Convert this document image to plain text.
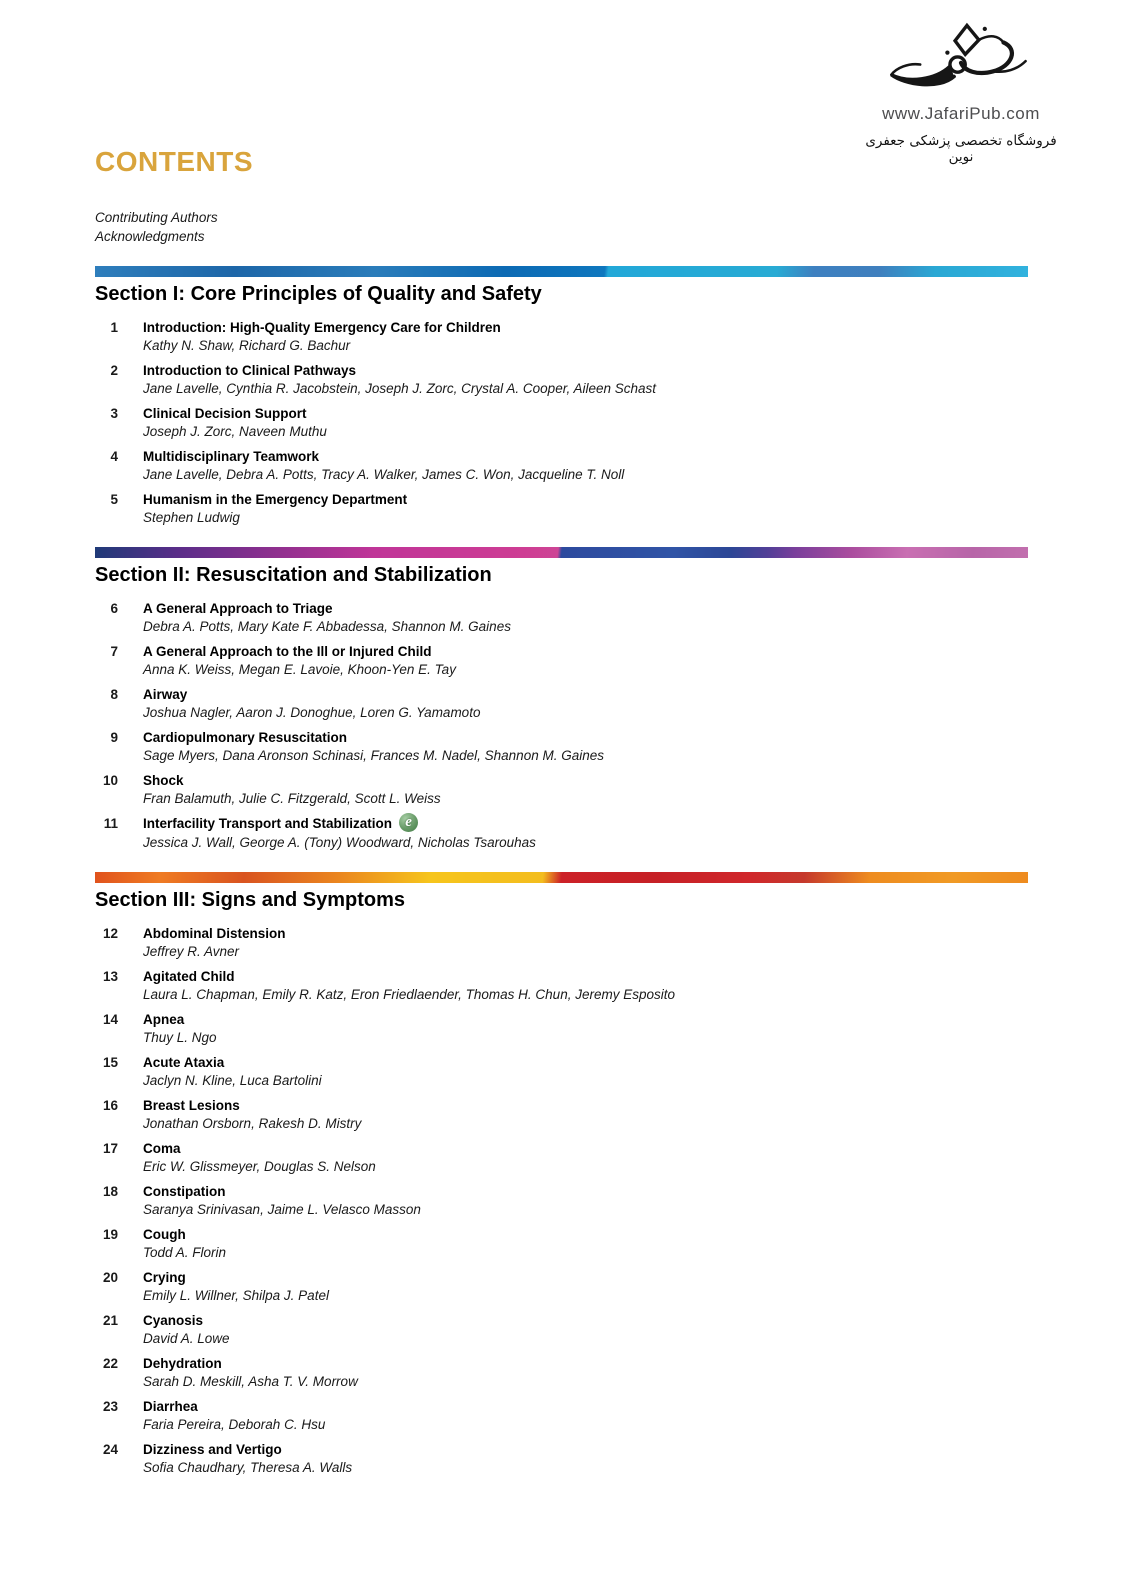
www.JafariPub.com
فروشگاه تخصصی پزشکی جعفری نوین
CONTENTS
Contributing Authors
Acknowledgments
Section I: Core Principles of Quality and Safety
1 Introduction: High-Quality Emergency Care for Children
Kathy N. Shaw, Richard G. Bachur
2 Introduction to Clinical Pathways
Jane Lavelle, Cynthia R. Jacobstein, Joseph J. Zorc, Crystal A. Cooper, Aileen Schast
3 Clinical Decision Support
Joseph J. Zorc, Naveen Muthu
4 Multidisciplinary Teamwork
Jane Lavelle, Debra A. Potts, Tracy A. Walker, James C. Won, Jacqueline T. Noll
5 Humanism in the Emergency Department
Stephen Ludwig
Section II: Resuscitation and Stabilization
6 A General Approach to Triage
Debra A. Potts, Mary Kate F. Abbadessa, Shannon M. Gaines
7 A General Approach to the Ill or Injured Child
Anna K. Weiss, Megan E. Lavoie, Khoon-Yen E. Tay
8 Airway
Joshua Nagler, Aaron J. Donoghue, Loren G. Yamamoto
9 Cardiopulmonary Resuscitation
Sage Myers, Dana Aronson Schinasi, Frances M. Nadel, Shannon M. Gaines
10 Shock
Fran Balamuth, Julie C. Fitzgerald, Scott L. Weiss
11 Interfacility Transport and Stabilization e
Jessica J. Wall, George A. (Tony) Woodward, Nicholas Tsarouhas
Section III: Signs and Symptoms
12 Abdominal Distension
Jeffrey R. Avner
13 Agitated Child
Laura L. Chapman, Emily R. Katz, Eron Friedlaender, Thomas H. Chun, Jeremy Esposito
14 Apnea
Thuy L. Ngo
15 Acute Ataxia
Jaclyn N. Kline, Luca Bartolini
16 Breast Lesions
Jonathan Orsborn, Rakesh D. Mistry
17 Coma
Eric W. Glissmeyer, Douglas S. Nelson
18 Constipation
Saranya Srinivasan, Jaime L. Velasco Masson
19 Cough
Todd A. Florin
20 Crying
Emily L. Willner, Shilpa J. Patel
21 Cyanosis
David A. Lowe
22 Dehydration
Sarah D. Meskill, Asha T. V. Morrow
23 Diarrhea
Faria Pereira, Deborah C. Hsu
24 Dizziness and Vertigo
Sofia Chaudhary, Theresa A. Walls
